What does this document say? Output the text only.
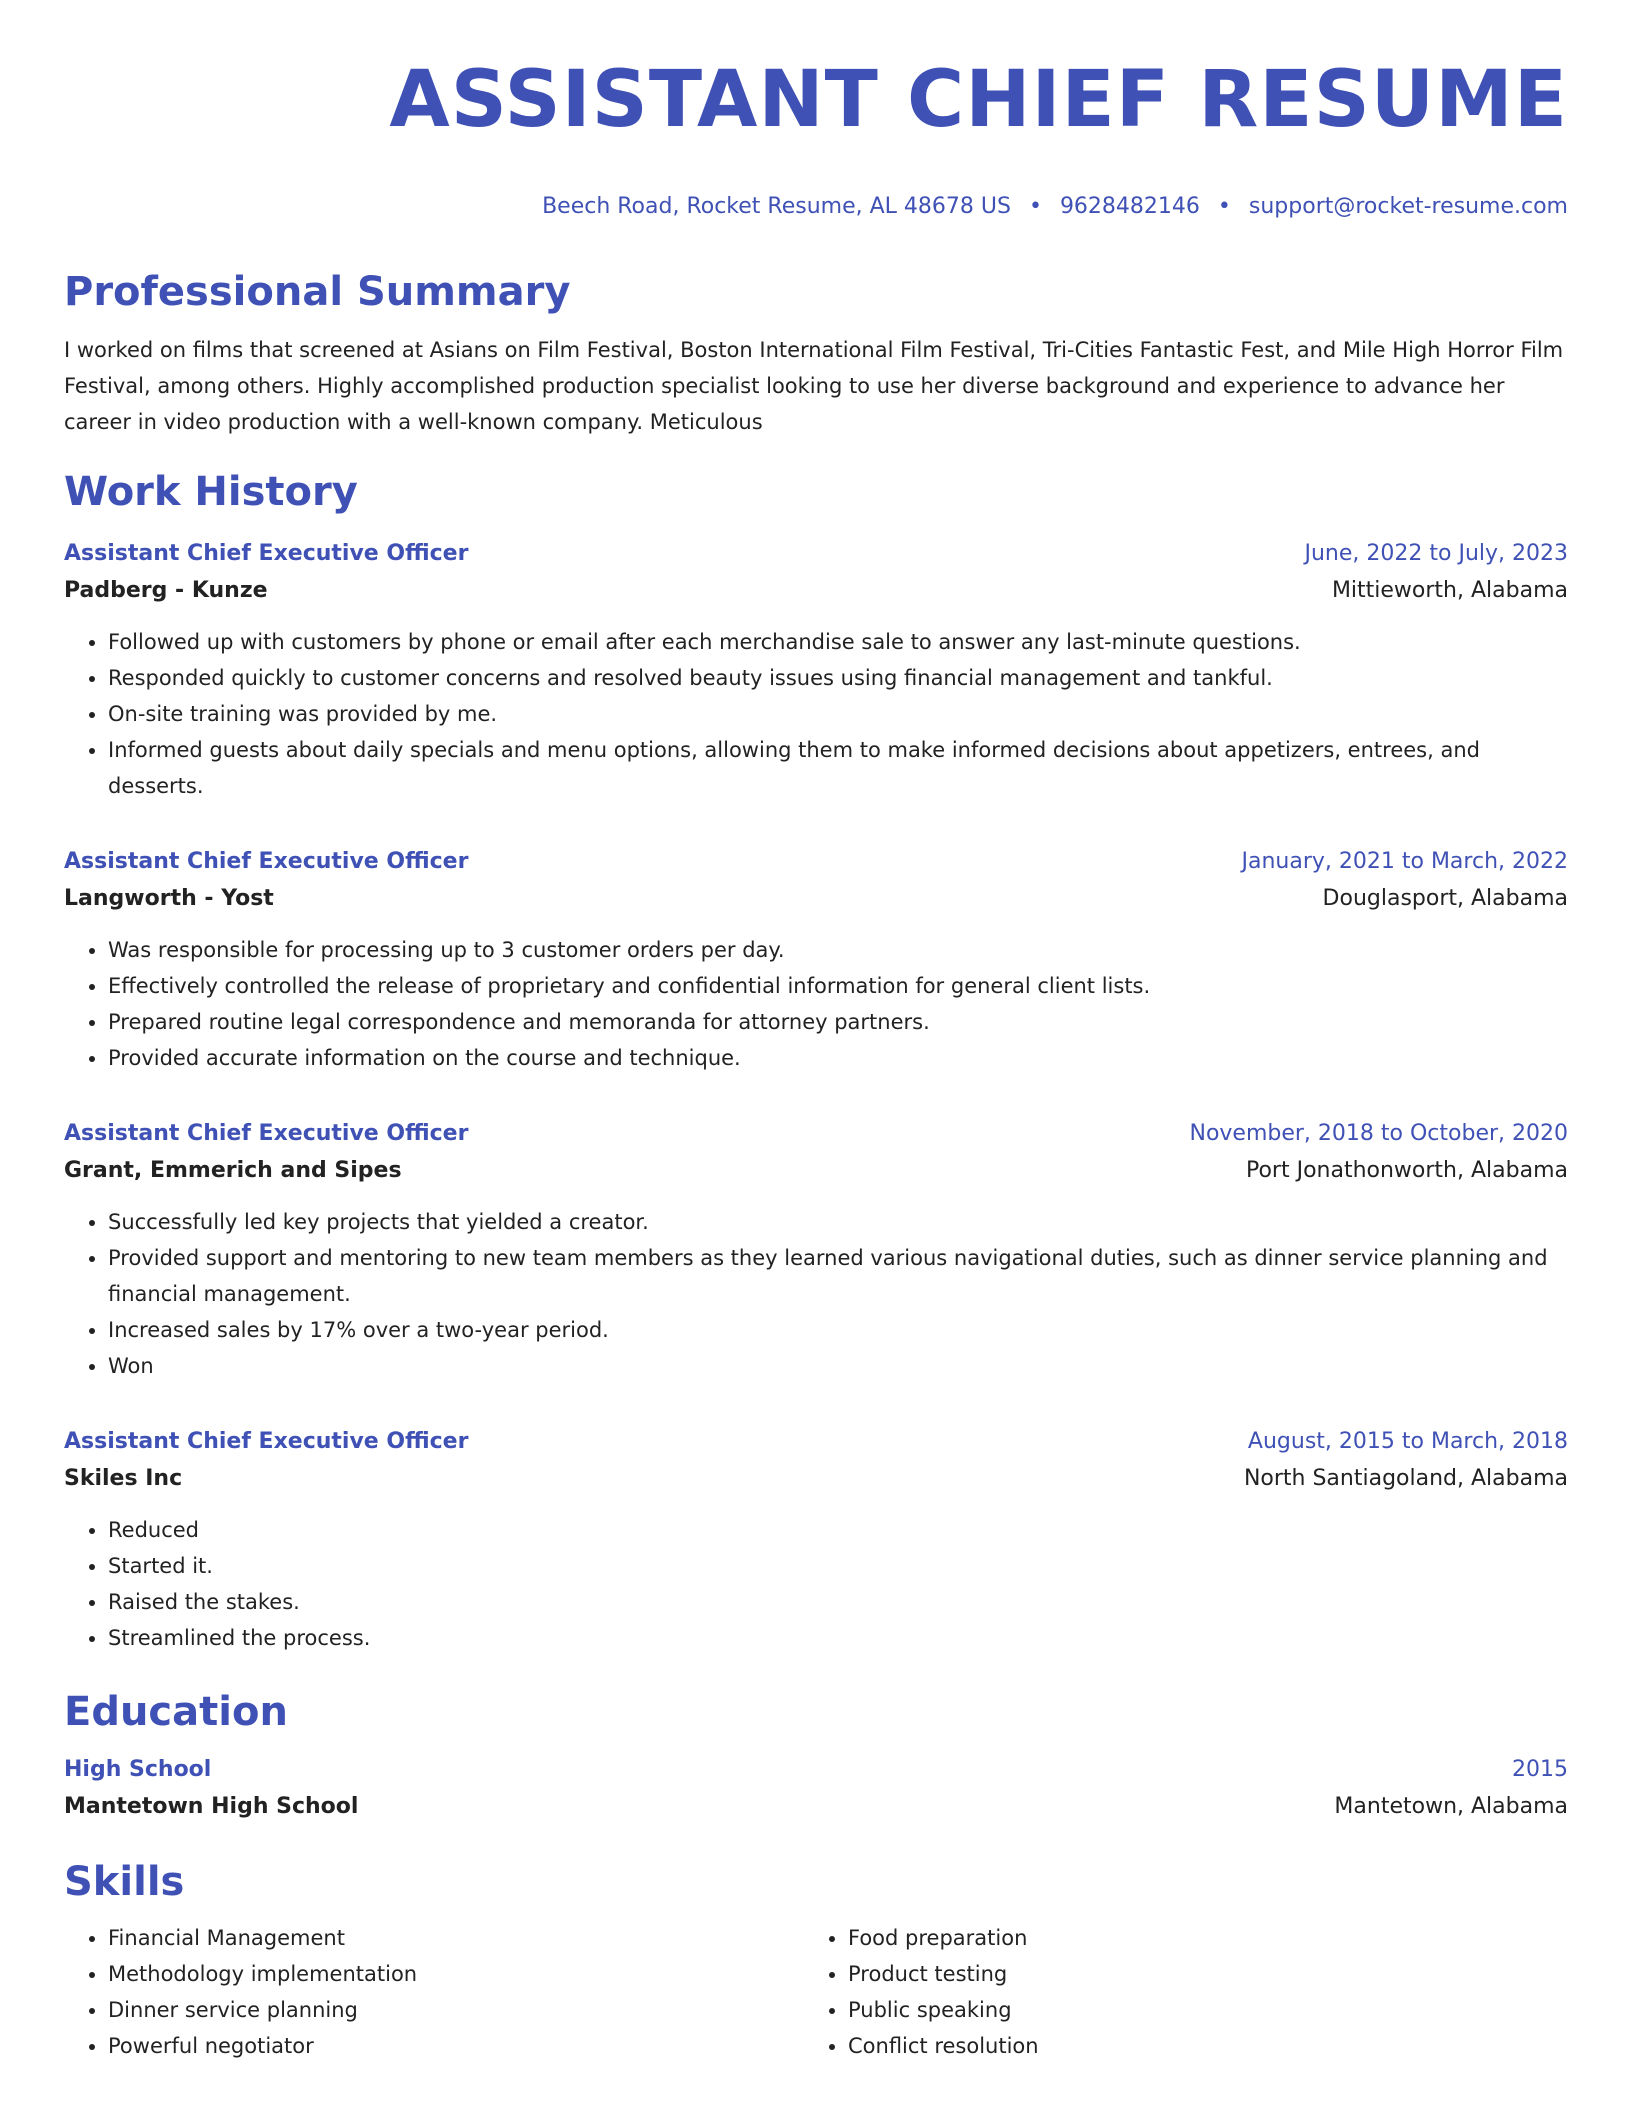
ASSISTANT CHIEF RESUME
Beech Road, Rocket Resume, AL 48678 US • 9628482146 • support@rocket-resume.com
Professional Summary
I worked on films that screened at Asians on Film Festival, Boston International Film Festival, Tri-Cities Fantastic Fest, and Mile High Horror Film Festival, among others. Highly accomplished production specialist looking to use her diverse background and experience to advance her career in video production with a well-known company. Meticulous
Work History
Assistant Chief Executive Officer	June, 2022 to July, 2023
Padberg - Kunze	Mittieworth, Alabama
• Followed up with customers by phone or email after each merchandise sale to answer any last-minute questions.
• Responded quickly to customer concerns and resolved beauty issues using financial management and tankful.
• On-site training was provided by me.
• Informed guests about daily specials and menu options, allowing them to make informed decisions about appetizers, entrees, and desserts.
Assistant Chief Executive Officer	January, 2021 to March, 2022
Langworth - Yost	Douglasport, Alabama
• Was responsible for processing up to 3 customer orders per day.
• Effectively controlled the release of proprietary and confidential information for general client lists.
• Prepared routine legal correspondence and memoranda for attorney partners.
• Provided accurate information on the course and technique.
Assistant Chief Executive Officer	November, 2018 to October, 2020
Grant, Emmerich and Sipes	Port Jonathonworth, Alabama
• Successfully led key projects that yielded a creator.
• Provided support and mentoring to new team members as they learned various navigational duties, such as dinner service planning and financial management.
• Increased sales by 17% over a two-year period.
• Won
Assistant Chief Executive Officer	August, 2015 to March, 2018
Skiles Inc	North Santiagoland, Alabama
• Reduced
• Started it.
• Raised the stakes.
• Streamlined the process.
Education
High School	2015
Mantetown High School	Mantetown, Alabama
Skills
• Financial Management
• Methodology implementation
• Dinner service planning
• Powerful negotiator
• Food preparation
• Product testing
• Public speaking
• Conflict resolution
